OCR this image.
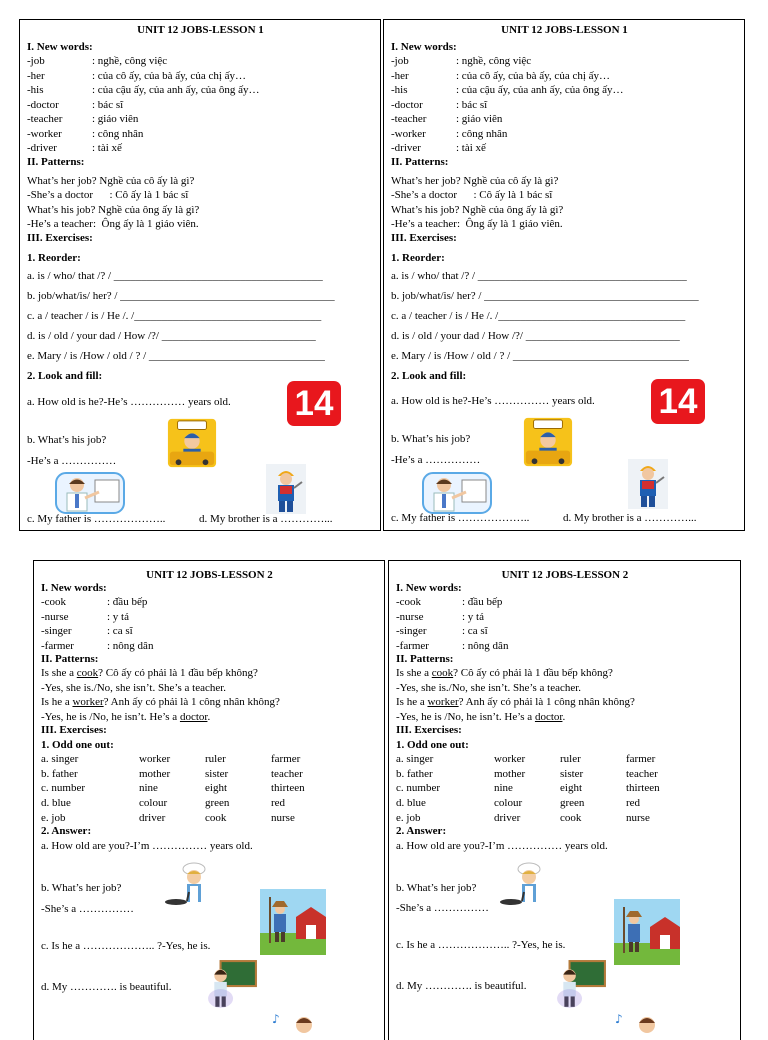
UNIT 12 JOBS-LESSON 1
I. New words:
-job	: nghề, công việc
-her	: của cô ấy, của bà ấy, của chị ấy…
-his	: của cậu ấy, của anh ấy, của ông ấy…
-doctor	: bác sĩ
-teacher	: giáo viên
-worker	: công nhân
-driver	: tài xế
II. Patterns:
What’s her job? Nghề của cô ấy là gì?
-She’s a doctor      : Cô ấy là 1 bác sĩ
What’s his job? Nghề của ông ấy là gì?
-He’s a teacher:  Ông ấy là 1 giáo viên.
III. Exercises:
1. Reorder:
a. is / who/ that /? / ______________________________________
b. job/what/is/ her? / _______________________________________
c. a / teacher / is / He /. /__________________________________
d. is / old / your dad / How /?/ ____________________________
e. Mary / is /How / old / ? / ________________________________
2. Look and fill:
a. How old is he?-He’s …………… years old. 14
b. What’s his job?
-He’s a ……………
c. My father is ………………..	d. My brother is a …………...
UNIT 12 JOBS-LESSON 1
I. New words:
-job	: nghề, công việc
-her	: của cô ấy, của bà ấy, của chị ấy…
-his	: của cậu ấy, của anh ấy, của ông ấy…
-doctor	: bác sĩ
-teacher	: giáo viên
-worker	: công nhân
-driver	: tài xế
II. Patterns:
What’s her job? Nghề của cô ấy là gì?
-She’s a doctor      : Cô ấy là 1 bác sĩ
What’s his job? Nghề của ông ấy là gì?
-He’s a teacher:  Ông ấy là 1 giáo viên.
III. Exercises:
1. Reorder:
a. is / who/ that /? / ______________________________________
b. job/what/is/ her? / _______________________________________
c. a / teacher / is / He /. /__________________________________
d. is / old / your dad / How /?/ ____________________________
e. Mary / is /How / old / ? / ________________________________
2. Look and fill:
a. How old is he?-He’s …………… years old. 14
b. What’s his job?
-He’s a ……………
c. My father is ………………..	d. My brother is a …………...
UNIT 12 JOBS-LESSON 2
I. New words:
-cook	: đầu bếp
-nurse	: y tá
-singer	: ca sĩ
-farmer	: nông dân
II. Patterns:
Is she a cook? Cô ấy có phải là 1 đầu bếp không?
-Yes, she is./No, she isn’t. She’s a teacher.
Is he a worker? Anh ấy có phải là 1 công nhân không?
-Yes, he is /No, he isn’t. He’s a doctor.
III. Exercises:
1. Odd one out:
a. singer	worker	ruler	farmer
b. father	mother	sister	teacher
c. number	nine	eight	thirteen
d. blue	colour	green	red
e. job	driver	cook	nurse
2. Answer:
a. How old are you?-I’m …………… years old.
b. What’s her job?
-She’s a ……………
c. Is he a ……………….. ?-Yes, he is.
d. My …………. is beautiful.
♪
UNIT 12 JOBS-LESSON 2
I. New words:
-cook	: đầu bếp
-nurse	: y tá
-singer	: ca sĩ
-farmer	: nông dân
II. Patterns:
Is she a cook? Cô ấy có phải là 1 đầu bếp không?
-Yes, she is./No, she isn’t. She’s a teacher.
Is he a worker? Anh ấy có phải là 1 công nhân không?
-Yes, he is /No, he isn’t. He’s a doctor.
III. Exercises:
1. Odd one out:
a. singer	worker	ruler	farmer
b. father	mother	sister	teacher
c. number	nine	eight	thirteen
d. blue	colour	green	red
e. job	driver	cook	nurse
2. Answer:
a. How old are you?-I’m …………… years old.
b. What’s her job?
-She’s a ……………
c. Is he a ……………….. ?-Yes, he is.
d. My …………. is beautiful.
♪
